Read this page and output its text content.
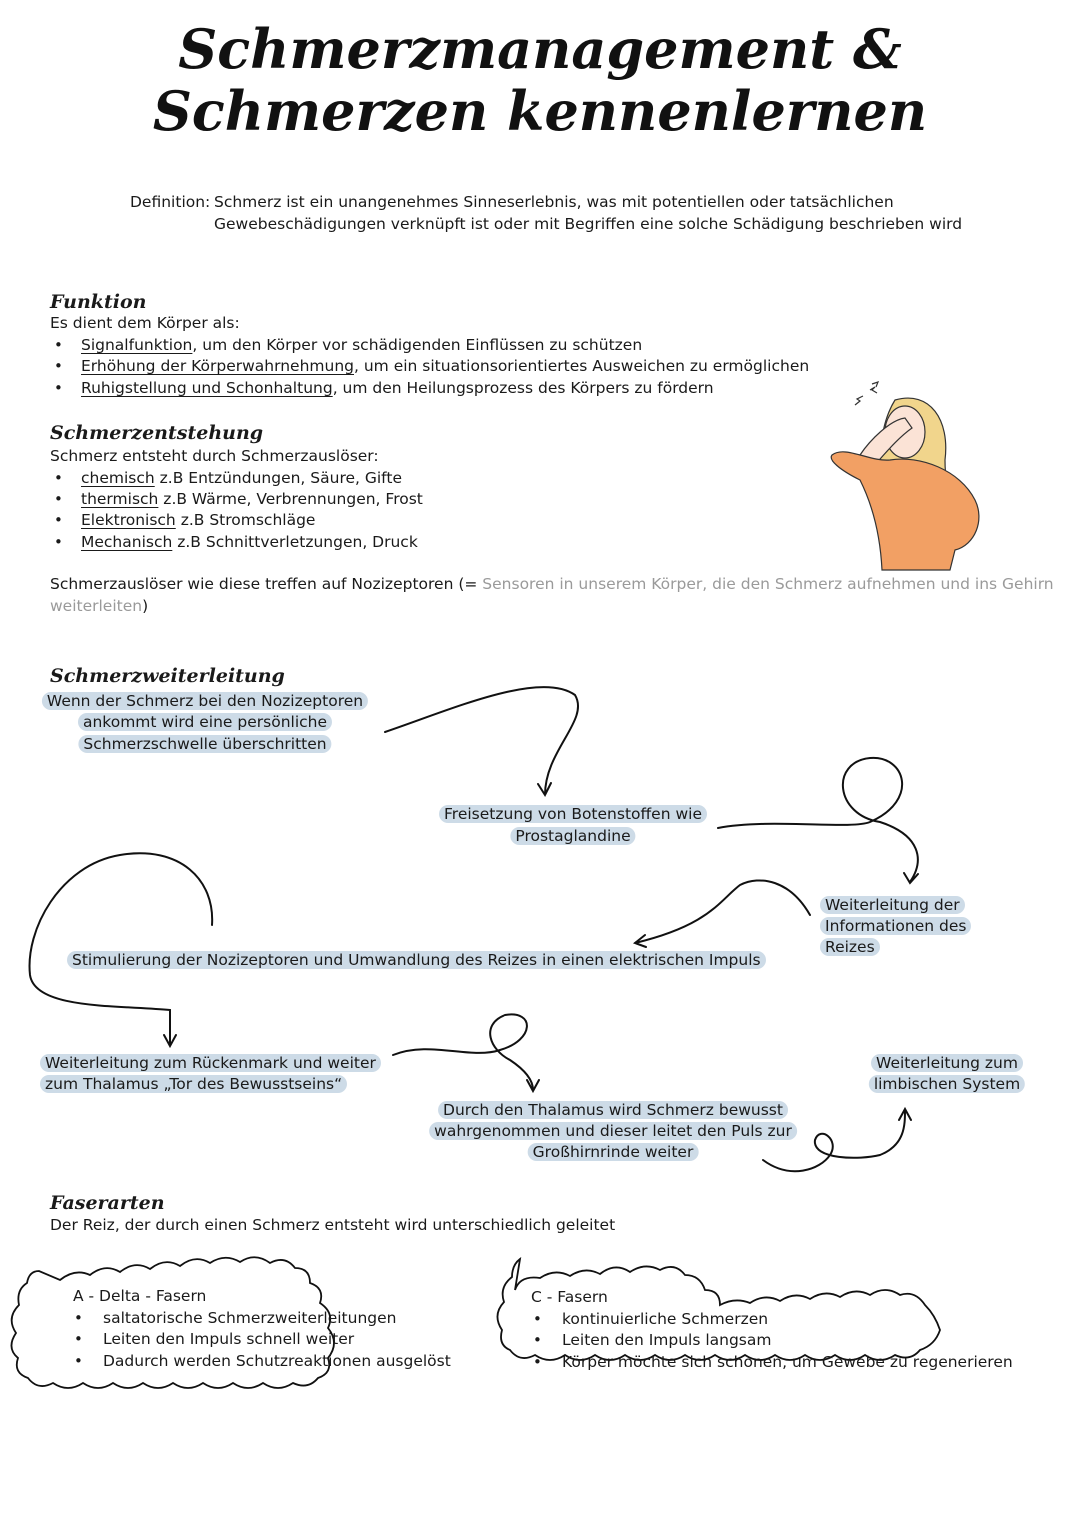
Schmerzmanagement &
Schmerzen kennenlernen
Definition: Schmerz ist ein unangenehmes Sinneserlebnis, was mit potentiellen oder tatsächlichen
Gewebeschädigungen verknüpft ist oder mit Begriffen eine solche Schädigung beschrieben wird
Funktion
Es dient dem Körper als:
• Signalfunktion, um den Körper vor schädigenden Einflüssen zu schützen
• Erhöhung der Körperwahrnehmung, um ein situationsorientiertes Ausweichen zu ermöglichen
• Ruhigstellung und Schonhaltung, um den Heilungsprozess des Körpers zu fördern
Schmerzentstehung
Schmerz entsteht durch Schmerzauslöser:
• chemisch z.B Entzündungen, Säure, Gifte
• thermisch z.B Wärme, Verbrennungen, Frost
• Elektronisch z.B Stromschläge
• Mechanisch z.B Schnittverletzungen, Druck
Schmerzauslöser wie diese treffen auf Nozizeptoren (= Sensoren in unserem Körper, die den Schmerz aufnehmen und ins Gehirn
weiterleiten)
Schmerzweiterleitung
Wenn der Schmerz bei den Nozizeptoren
ankommt wird eine persönliche
Schmerzschwelle überschritten
Freisetzung von Botenstoffen wie
Prostaglandine
Weiterleitung der
Informationen des
Reizes
Stimulierung der Nozizeptoren und Umwandlung des Reizes in einen elektrischen Impuls
Weiterleitung zum Rückenmark und weiter
zum Thalamus „Tor des Bewusstseins“
Durch den Thalamus wird Schmerz bewusst
wahrgenommen und dieser leitet den Puls zur
Großhirnrinde weiter
Weiterleitung zum
limbischen System
Faserarten
Der Reiz, der durch einen Schmerz entsteht wird unterschiedlich geleitet
A - Delta - Fasern
• saltatorische Schmerzweiterleitungen
• Leiten den Impuls schnell weiter
• Dadurch werden Schutzreaktionen ausgelöst
C - Fasern
• kontinuierliche Schmerzen
• Leiten den Impuls langsam
• Körper möchte sich schonen, um Gewebe zu regenerieren
